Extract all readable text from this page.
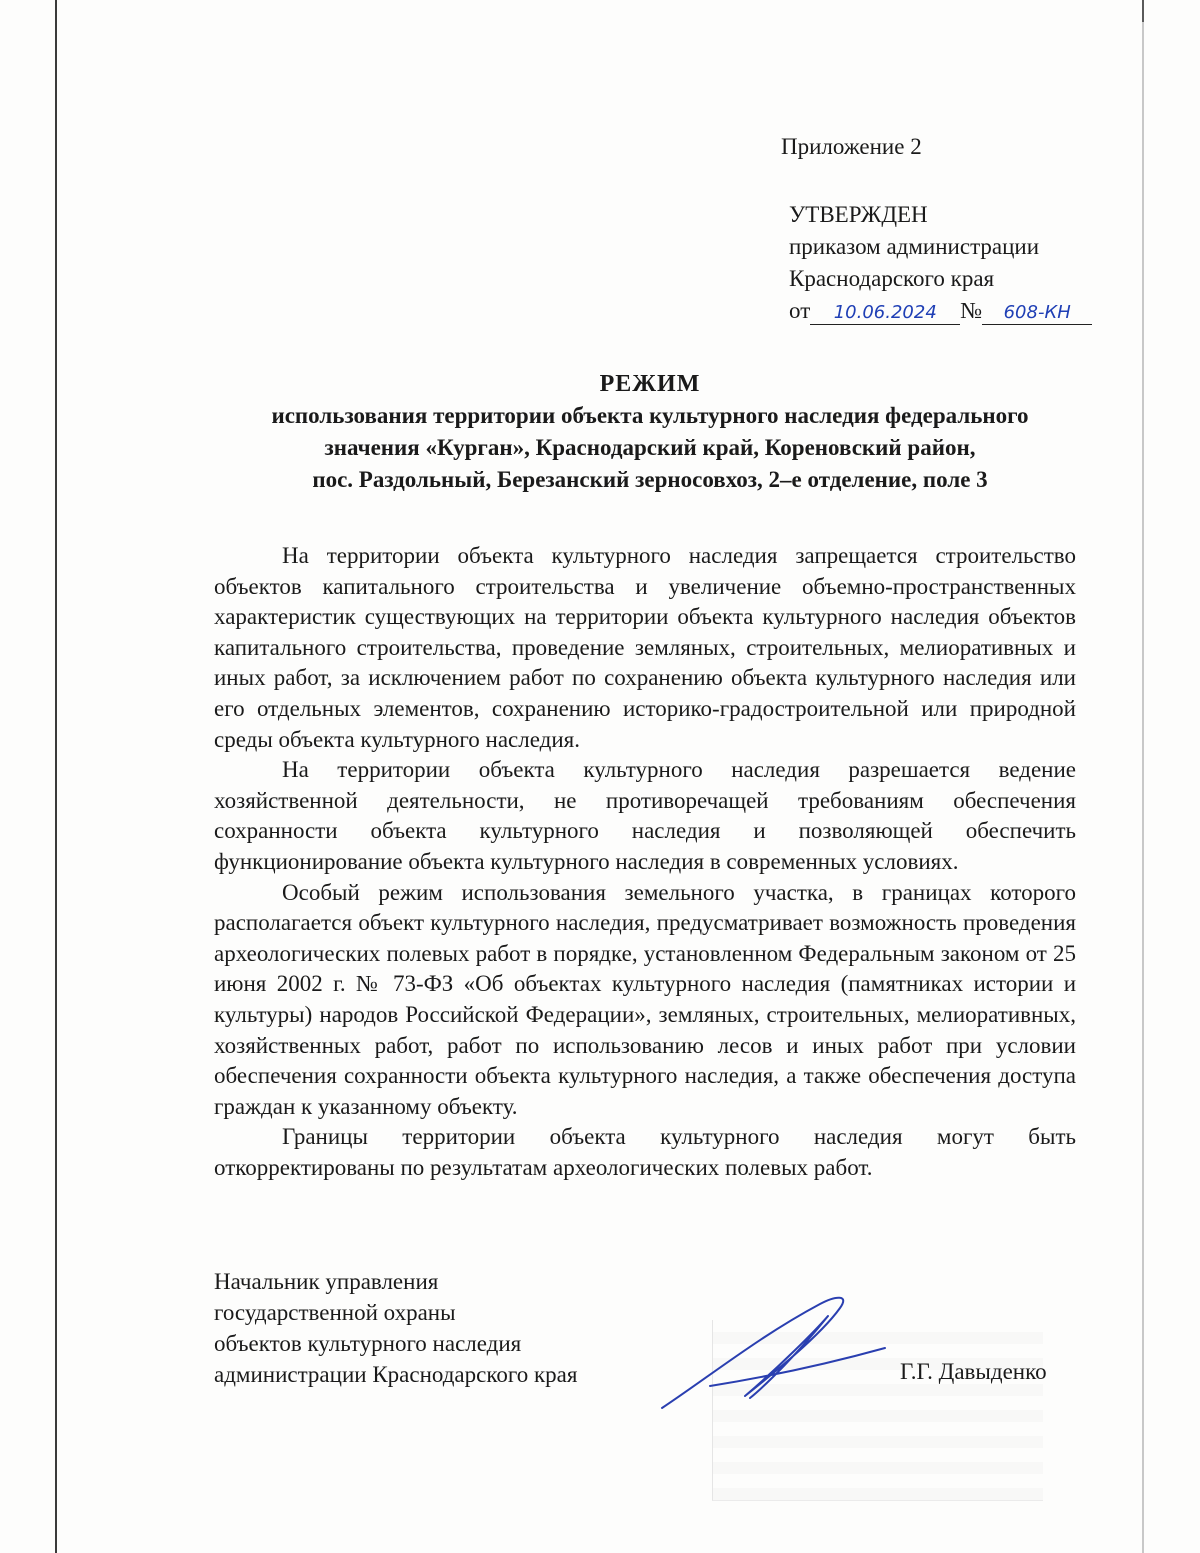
Приложение 2
УТВЕРЖДЕН
приказом администрации
Краснодарского края
от 10.06.2024 № 608-КН
РЕЖИМ
использования территории объекта культурного наследия федерального
значения «Курган», Краснодарский край, Кореновский район,
пос. Раздольный, Березанский зерносовхоз, 2–е отделение, поле 3

На территории объекта культурного наследия запрещается строительство объектов капитального строительства и увеличение объемно-пространственных характеристик существующих на территории объекта культурного наследия объектов капитального строительства, проведение земляных, строительных, мелиоративных и иных работ, за исключением работ по сохранению объекта культурного наследия или его отдельных элементов, сохранению историко-градостроительной или природной среды объекта культурного наследия.

На территории объекта культурного наследия разрешается ведение хозяйственной деятельности, не противоречащей требованиям обеспечения сохранности объекта культурного наследия и позволяющей обеспечить функционирование объекта культурного наследия в современных условиях.

Особый режим использования земельного участка, в границах которого располагается объект культурного наследия, предусматривает возможность проведения археологических полевых работ в порядке, установленном Федеральным законом от 25 июня 2002 г. № 73-ФЗ «Об объектах культурного наследия (памятниках истории и культуры) народов Российской Федерации», земляных, строительных, мелиоративных, хозяйственных работ, работ по использованию лесов и иных работ при условии обеспечения сохранности объекта культурного наследия, а также обеспечения доступа граждан к указанному объекту.

Границы территории объекта культурного наследия могут быть откорректированы по результатам археологических полевых работ.

Начальник управления
государственной охраны
объектов культурного наследия
администрации Краснодарского края	Г.Г. Давыденко
